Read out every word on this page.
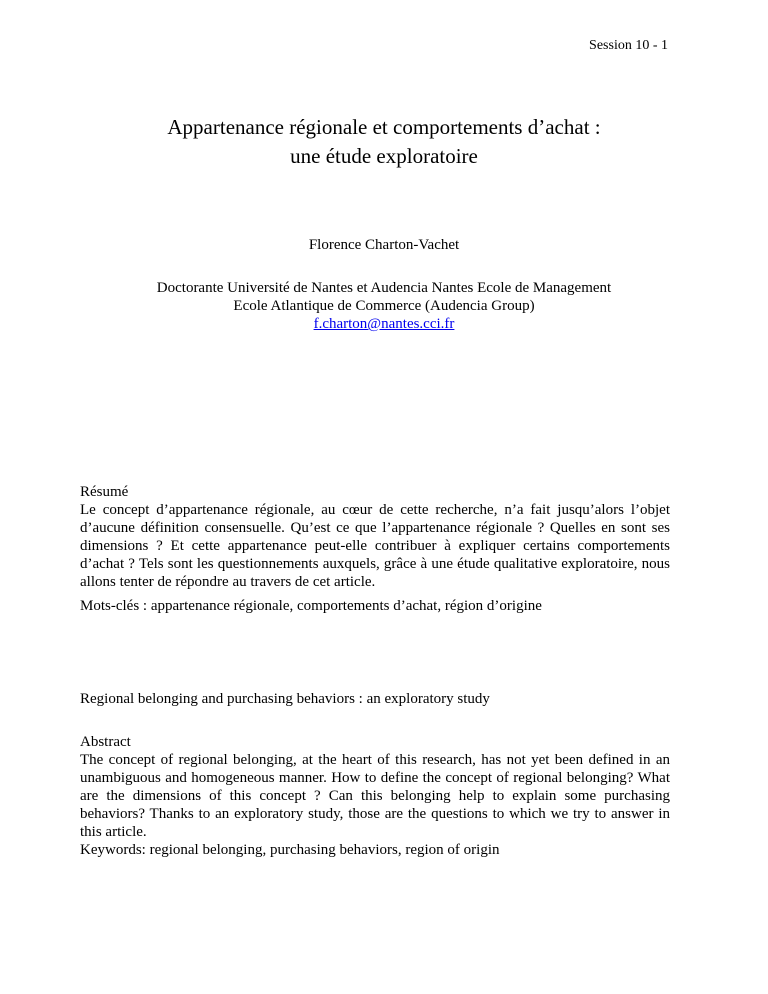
Session 10 - 1
Appartenance régionale et comportements d’achat :
une étude exploratoire
Florence Charton-Vachet
Doctorante Université de Nantes et Audencia Nantes Ecole de Management
Ecole Atlantique de Commerce (Audencia Group)
f.charton@nantes.cci.fr
Résumé

Le concept d’appartenance régionale, au cœur de cette recherche, n’a fait jusqu’alors l’objet d’aucune définition consensuelle. Qu’est ce que l’appartenance régionale ? Quelles en sont ses dimensions ? Et cette appartenance peut-elle contribuer à expliquer certains comportements d’achat ? Tels sont les questionnements auxquels, grâce à une étude qualitative exploratoire, nous allons tenter de répondre au travers de cet article.

Mots-clés : appartenance régionale, comportements d’achat, région d’origine
Regional belonging and purchasing behaviors : an exploratory study
Abstract

The concept of regional belonging, at the heart of this research, has not yet been defined in an unambiguous and homogeneous manner. How to define the concept of regional belonging? What are the dimensions of this concept ? Can this belonging help to explain some purchasing behaviors? Thanks to an exploratory study, those are the questions to which we try to answer in this article.

Keywords: regional belonging, purchasing behaviors, region of origin
